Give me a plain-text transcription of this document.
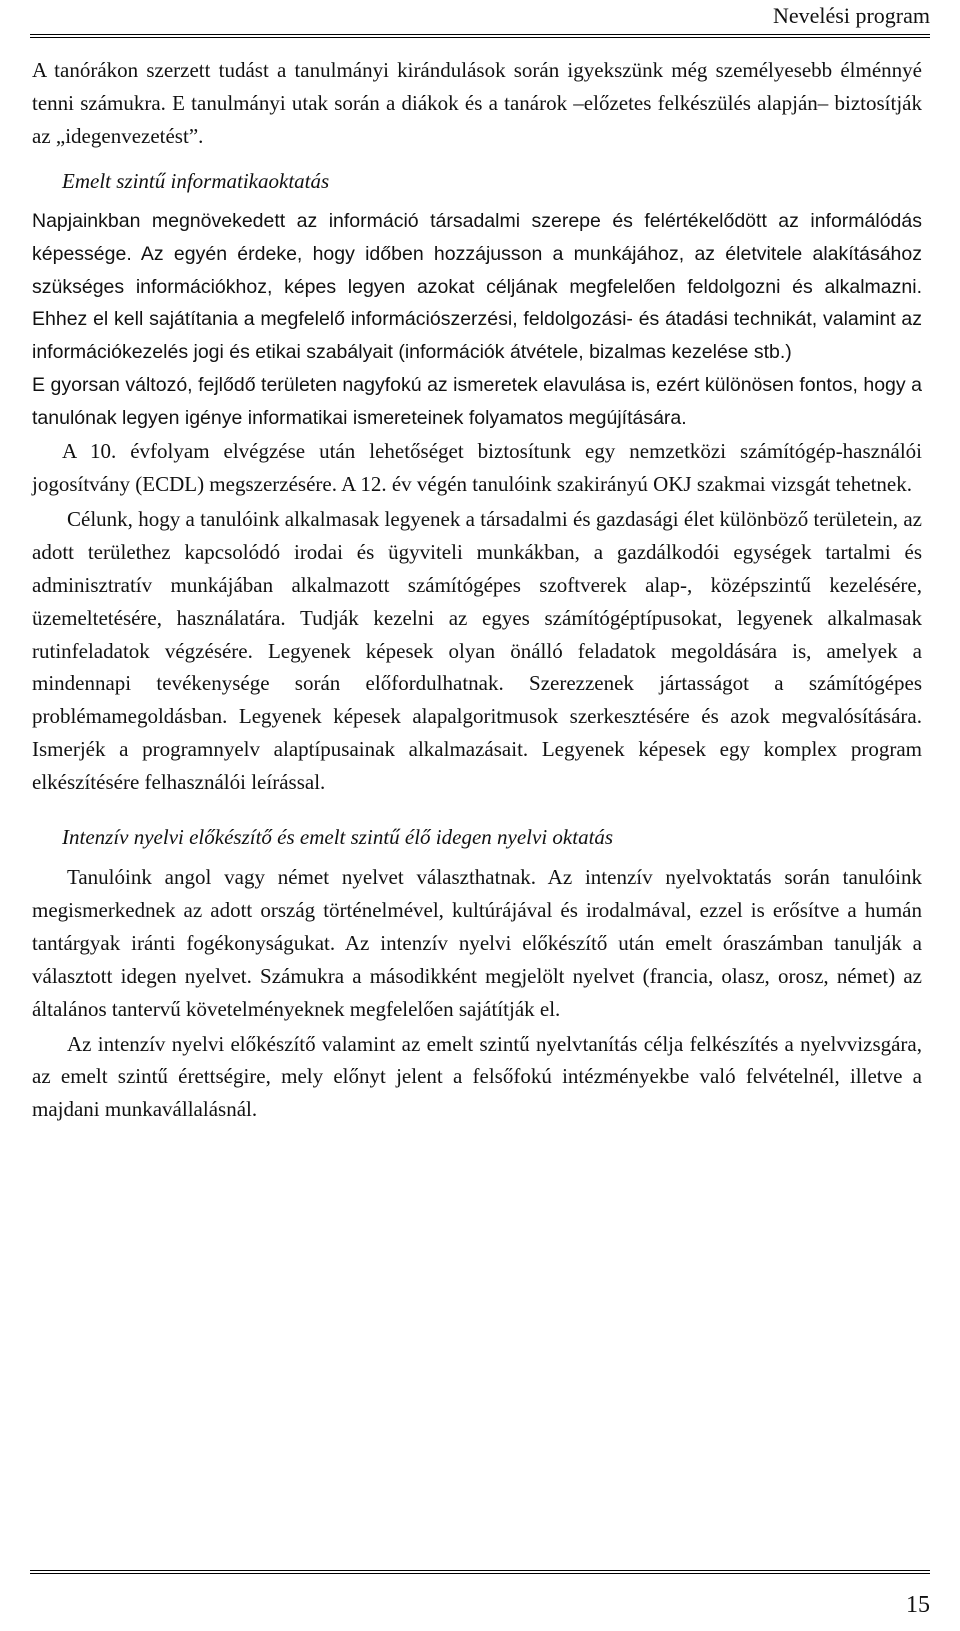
Nevelési program

A tanórákon szerzett tudást a tanulmányi kirándulások során igyekszünk még személyesebb élménnyé tenni számukra. E tanulmányi utak során a diákok és a tanárok –előzetes felkészülés alapján– biztosítják az „idegenvezetést”.

Emelt szintű informatikaoktatás

Napjainkban megnövekedett az információ társadalmi szerepe és felértékelődött az informálódás képessége. Az egyén érdeke, hogy időben hozzájusson a munkájához, az életvitele alakításához szükséges információkhoz, képes legyen azokat céljának megfelelően feldolgozni és alkalmazni. Ehhez el kell sajátítania a megfelelő információszerzési, feldolgozási- és átadási technikát, valamint az információkezelés jogi és etikai szabályait (információk átvétele, bizalmas kezelése stb.)

E gyorsan változó, fejlődő területen nagyfokú az ismeretek elavulása is, ezért különösen fontos, hogy a tanulónak legyen igénye informatikai ismereteinek folyamatos megújítására.

A 10. évfolyam elvégzése után lehetőséget biztosítunk egy nemzetközi számítógép-használói jogosítvány (ECDL) megszerzésére. A 12. év végén tanulóink szakirányú OKJ szakmai vizsgát tehetnek.

Célunk, hogy a tanulóink alkalmasak legyenek a társadalmi és gazdasági élet különböző területein, az adott területhez kapcsolódó irodai és ügyviteli munkákban, a gazdálkodói egységek tartalmi és adminisztratív munkájában alkalmazott számítógépes szoftverek alap-, középszintű kezelésére, üzemeltetésére, használatára. Tudják kezelni az egyes számítógéptípusokat, legyenek alkalmasak rutinfeladatok végzésére. Legyenek képesek olyan önálló feladatok megoldására is, amelyek a mindennapi tevékenysége során előfordulhatnak. Szerezzenek jártasságot a számítógépes problémamegoldásban. Legyenek képesek alapalgoritmusok szerkesztésére és azok megvalósítására. Ismerjék a programnyelv alaptípusainak alkalmazásait. Legyenek képesek egy komplex program elkészítésére felhasználói leírással.

Intenzív nyelvi előkészítő és emelt szintű élő idegen nyelvi oktatás

Tanulóink angol vagy német nyelvet választhatnak. Az intenzív nyelvoktatás során tanulóink megismerkednek az adott ország történelmével, kultúrájával és irodalmával, ezzel is erősítve a humán tantárgyak iránti fogékonyságukat. Az intenzív nyelvi előkészítő után emelt óraszámban tanulják a választott idegen nyelvet. Számukra a másodikként megjelölt nyelvet (francia, olasz, orosz, német) az általános tantervű követelményeknek megfelelően sajátítják el.

Az intenzív nyelvi előkészítő valamint az emelt szintű nyelvtanítás célja felkészítés a nyelvvizsgára, az emelt szintű érettségire, mely előnyt jelent a felsőfokú intézményekbe való felvételnél, illetve a majdani munkavállalásnál.

15
